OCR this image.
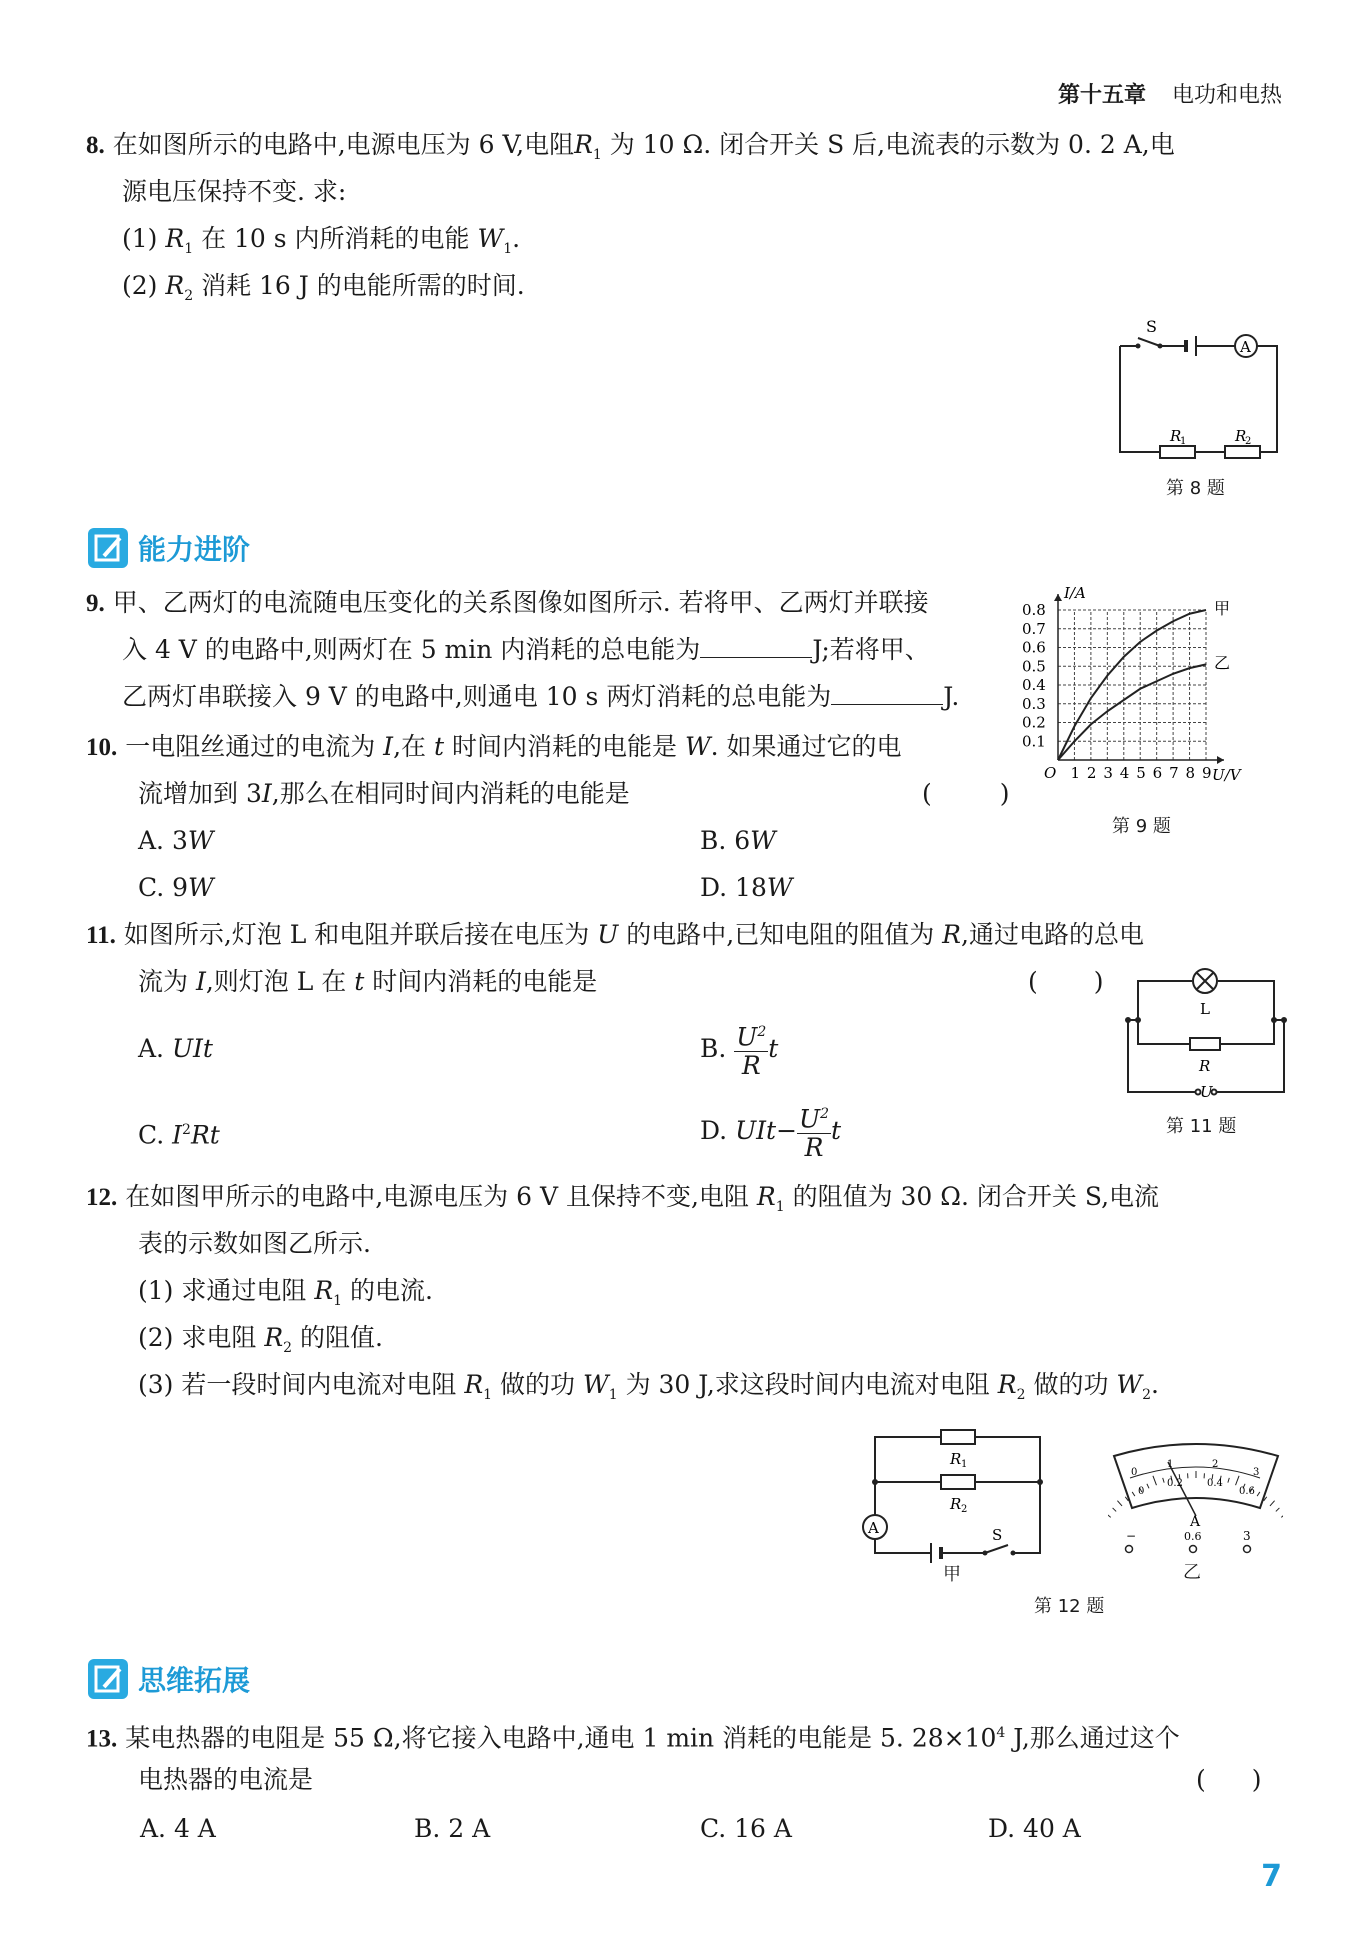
第十五章 电功和电热
8. 在如图所示的电路中,电源电压为 6 V,电阻$R_1$ 为 10 Ω. 闭合开关 S 后,电流表的示数为 0. 2 A,电
源电压保持不变. 求:
(1) $R_1$ 在 10 s 内所消耗的电能 $W_1$.
(2) $R_2$ 消耗 16 J 的电能所需的时间.
S
A
R
1	R
2
第 8 题
能力进阶
9. 甲、乙两灯的电流随电压变化的关系图像如图所示. 若将甲、乙两灯并联接
入 4 V 的电路中,则两灯在 5 min 内消耗的总电能为	J;若将甲、
乙两灯串联接入 9 V 的电路中,则通电 10 s 两灯消耗的总电能为	J.
1 2 3 4 5 6 7 8 9
0.1
0.2
0.3
0.4
0.5
0.6
0.7
0.8
O	U/V
I/A
甲
乙
第 9 题
10. 一电阻丝通过的电流为 I,在 t 时间内消耗的电能是 W. 如果通过它的电
流增加到 3I,那么在相同时间内消耗的电能是	(	)
A. 3W	B. 6W
C. 9W	D. 18W
11. 如图所示,灯泡 L 和电阻并联后接在电压为 U 的电路中,已知电阻的阻值为 R,通过电路的总电
流为 I,则灯泡 L 在 t 时间内消耗的电能是	( )
A. UIt	B.
$\frac{U^2}{R}$ t
C. $I^2Rt$	D.
UIt − $\frac{U^2}{R}$ t
L
R
U
第 11 题
12. 在如图甲所示的电路中,电源电压为 6 V 且保持不变,电阻 $R_1$ 的阻值为 30 Ω. 闭合开关 S,电流
表的示数如图乙所示.
(1) 求通过电阻 $R_1$ 的电流.
(2) 求电阻 $R_2$ 的阻值.
(3) 若一段时间内电流对电阻 $R_1$ 做的功 $W_1$ 为 30 J,求这段时间内电流对电阻 $R_2$ 做的功 $W_2$.
A
R 1
R 2
S
甲
0
1	2
3
0
0.2 0.4
0.6
A
−	0.6	3
乙
第 12 题
思维拓展
13. 某电热器的电阻是 55 Ω,将它接入电路中,通电 1 min 消耗的电能是 5. $28\times 10^4$ J,那么通过这个
电热器的电流是	( )
A. 4 A	B. 2 A	C. 16 A	D. 40 A
7
